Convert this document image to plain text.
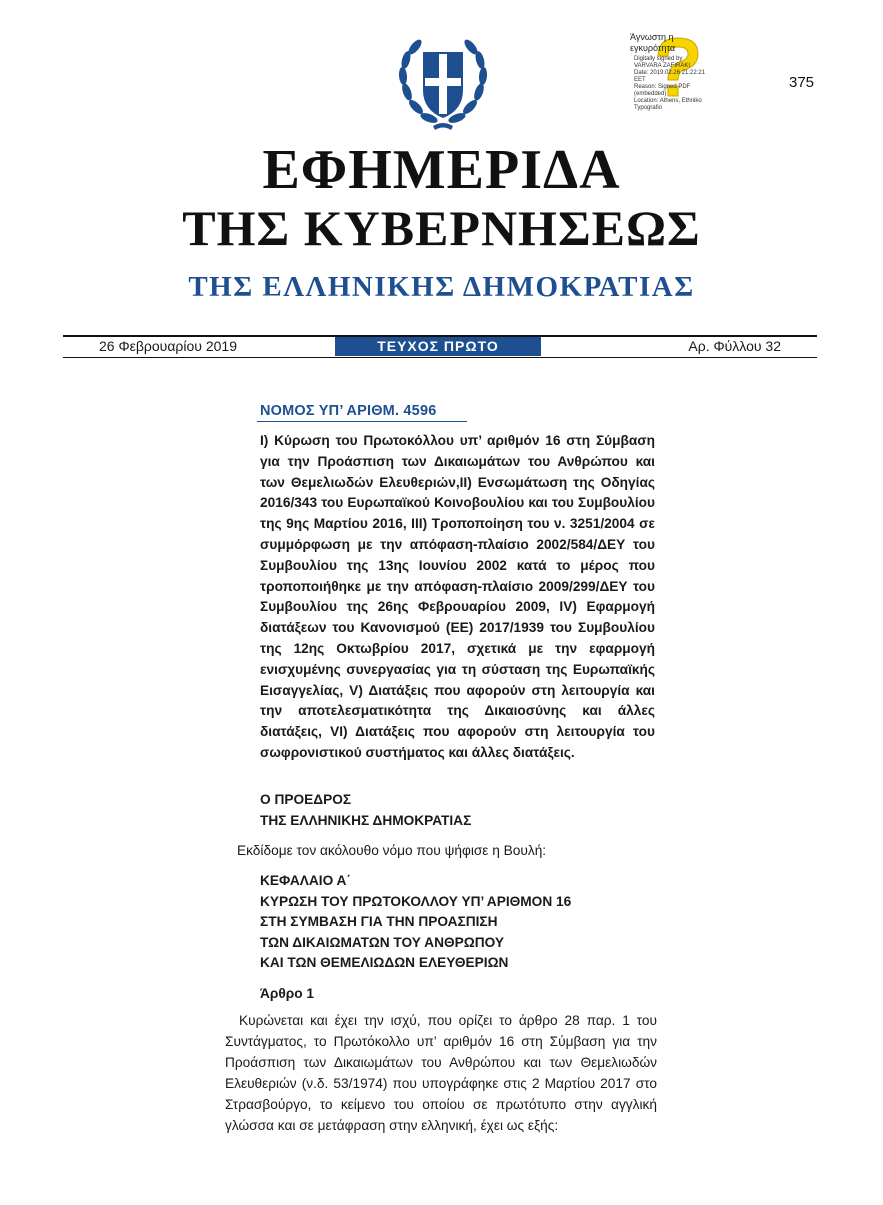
ΕΦΗΜΕΡΙΔΑ
ΤΗΣ ΚΥΒΕΡΝΗΣΕΩΣ
ΤΗΣ ΕΛΛΗΝΙΚΗΣ ΔΗΜΟΚΡΑΤΙΑΣ
Άγνωστη η εγκυρότητα
Digitally signed by
VARVARA ZAFIRAKI
Date: 2019.02.26 21:22:21
EET
Reason: Signed PDF
(embedded)
Location: Athens, Ethniko
Typografio
375
26 Φεβρουαρίου 2019	ΤΕΥΧΟΣ ΠΡΩΤΟ	Αρ. Φύλλου 32
ΝΟΜΟΣ ΥΠ’ ΑΡΙΘΜ. 4596
Ι) Κύρωση του Πρωτοκόλλου υπ’ αριθμόν 16 στη Σύμβαση για την Προάσπιση των Δικαιωμάτων του Ανθρώπου και των Θεμελιωδών Ελευθεριών,ΙΙ) Ενσωμάτωση της Οδηγίας 2016/343 του Ευρωπαϊκού Κοινοβουλίου και του Συμβουλίου της 9ης Μαρτίου 2016, ΙΙΙ) Τροποποίηση του ν. 3251/2004 σε συμμόρφωση με την απόφαση-πλαίσιο 2002/584/ΔΕΥ του Συμβουλίου της 13ης Ιουνίου 2002 κατά το μέρος που τροποποιήθηκε με την απόφαση-πλαίσιο 2009/299/ΔΕΥ του Συμβουλίου της 26ης Φεβρουαρίου 2009, ΙV) Εφαρμογή διατάξεων του Κανονισμού (ΕΕ) 2017/1939 του Συμβουλίου της 12ης Οκτωβρίου 2017, σχετικά με την εφαρμογή ενισχυμένης συνεργασίας για τη σύσταση της Ευρωπαϊκής Εισαγγελίας, V) Διατάξεις που αφορούν στη λειτουργία και την αποτελεσματικότητα της Δικαιοσύνης και άλλες διατάξεις, VI) Διατάξεις που αφορούν στη λειτουργία του σωφρονιστικού συστήματος και άλλες διατάξεις.
Ο ΠΡΟΕΔΡΟΣ
ΤΗΣ ΕΛΛΗΝΙΚΗΣ ΔΗΜΟΚΡΑΤΙΑΣ
Εκδίδομε τον ακόλουθο νόμο που ψήφισε η Βουλή:
ΚΕΦΑΛΑΙΟ Α΄
ΚΥΡΩΣΗ ΤΟΥ ΠΡΩΤΟΚΟΛΛΟΥ ΥΠ’ ΑΡΙΘΜΟΝ 16
ΣΤΗ ΣΥΜΒΑΣΗ ΓΙΑ ΤΗΝ ΠΡΟΑΣΠΙΣΗ
ΤΩΝ ΔΙΚΑΙΩΜΑΤΩΝ ΤΟΥ ΑΝΘΡΩΠΟΥ
ΚΑΙ ΤΩΝ ΘΕΜΕΛΙΩΔΩΝ ΕΛΕΥΘΕΡΙΩΝ
Άρθρο 1
Κυρώνεται και έχει την ισχύ, που ορίζει το άρθρο 28 παρ. 1 του Συντάγματος, το Πρωτόκολλο υπ’ αριθμόν 16 στη Σύμβαση για την Προάσπιση των Δικαιωμάτων του Ανθρώπου και των Θεμελιωδών Ελευθεριών (ν.δ. 53/1974) που υπογράφηκε στις 2 Μαρτίου 2017 στο Στρασβούργο, το κείμενο του οποίου σε πρωτότυπο στην αγγλική γλώσσα και σε μετάφραση στην ελληνική, έχει ως εξής:
